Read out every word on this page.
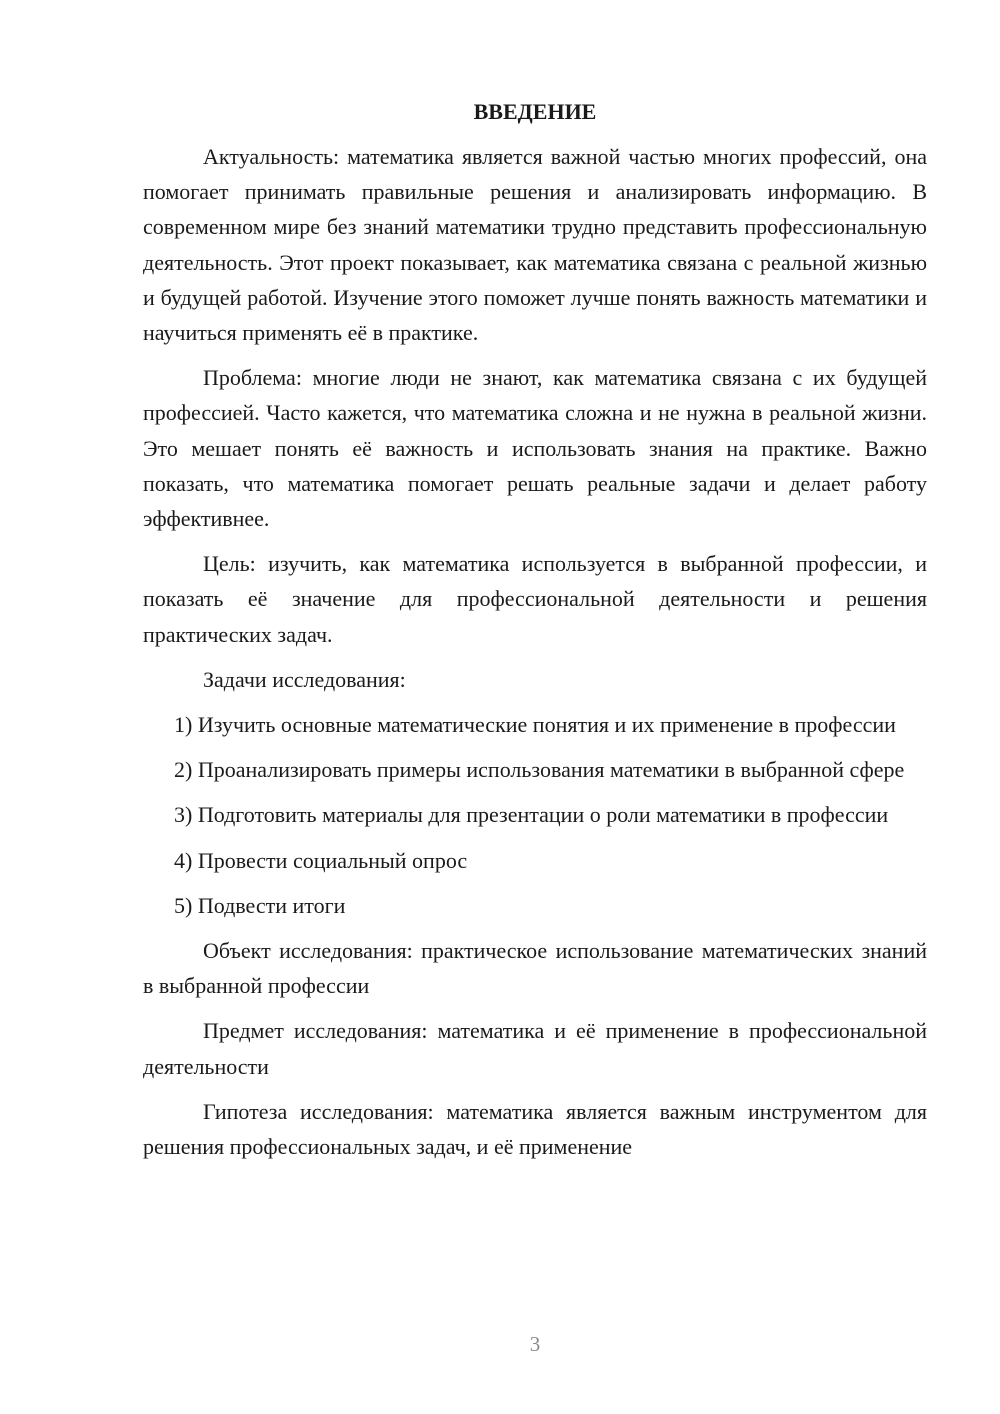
ВВЕДЕНИЕ

Актуальность: математика является важной частью многих профессий, она помогает принимать правильные решения и анализировать информацию. В современном мире без знаний математики трудно представить профессиональную деятельность. Этот проект показывает, как математика связана с реальной жизнью и будущей работой. Изучение этого поможет лучше понять важность математики и научиться применять её в практике.

Проблема: многие люди не знают, как математика связана с их будущей профессией. Часто кажется, что математика сложна и не нужна в реальной жизни. Это мешает понять её важность и использовать знания на практике. Важно показать, что математика помогает решать реальные задачи и делает работу эффективнее.

Цель: изучить, как математика используется в выбранной профессии, и показать её значение для профессиональной деятельности и решения практических задач.

Задачи исследования:

1) Изучить основные математические понятия и их применение в профессии

2) Проанализировать примеры использования математики в выбранной сфере

3) Подготовить материалы для презентации о роли математики в профессии

4) Провести социальный опрос

5) Подвести итоги

Объект исследования: практическое использование математических знаний в выбранной профессии

Предмет исследования: математика и её применение в профессиональной деятельности

Гипотеза исследования: математика является важным инструментом для решения профессиональных задач, и её применение

3
